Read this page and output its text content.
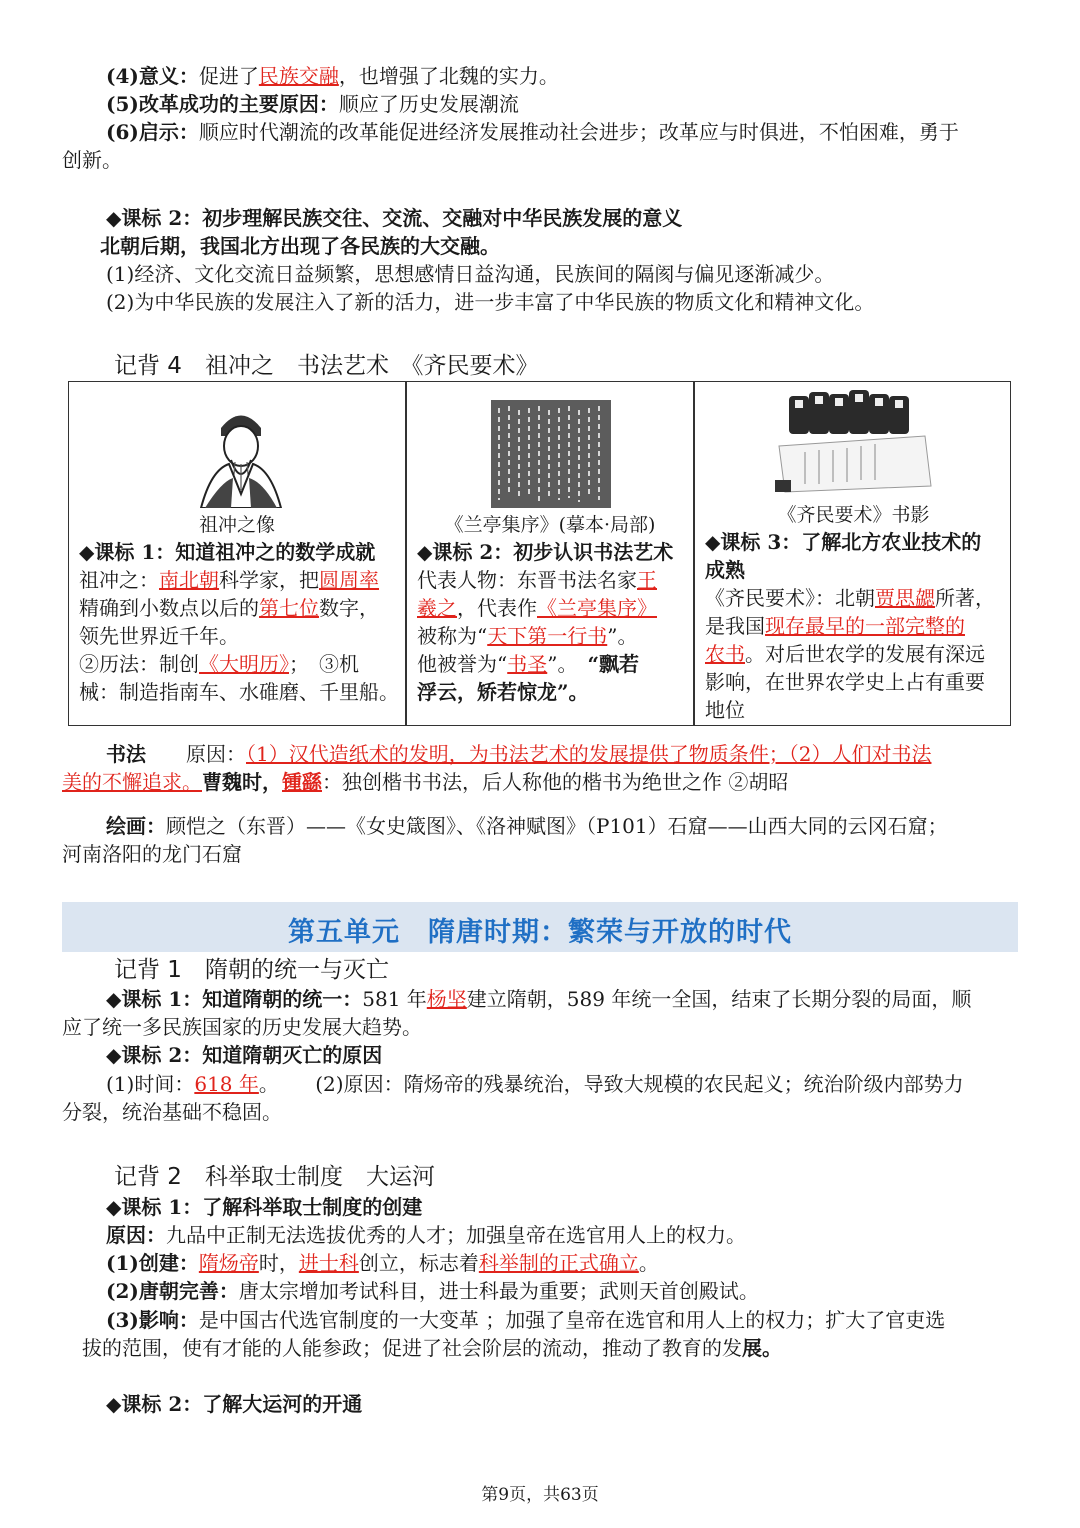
(4)意义：促进了民族交融，也增强了北魏的实力。
(5)改革成功的主要原因：顺应了历史发展潮流
(6)启示：顺应时代潮流的改革能促进经济发展推动社会进步；改革应与时俱进，不怕困难，勇于
创新。
◆课标 2：初步理解民族交往、交流、交融对中华民族发展的意义
北朝后期，我国北方出现了各民族的大交融。
(1)经济、文化交流日益频繁，思想感情日益沟通，民族间的隔阂与偏见逐渐减少。
(2)为中华民族的发展注入了新的活力，进一步丰富了中华民族的物质文化和精神文化。
记背 4　祖冲之　书法艺术　《齐民要术》
祖冲之像
◆课标 1：知道祖冲之的数学成就
祖冲之：南北朝科学家，把圆周率
精确到小数点以后的第七位数字，
领先世界近千年。
②历法：制创《大明历》；　③机
械：制造指南车、水碓磨、千里船。
《兰亭集序》(摹本·局部)
◆课标 2：初步认识书法艺术
代表人物：东晋书法名家王
羲之，代表作《兰亭集序》
被称为“天下第一行书”。
他被誉为“书圣”。　 “飘若
浮云，矫若惊龙”。
《齐民要术》书影
◆课标 3：了解北方农业技术的
成熟
《齐民要术》：北朝贾思勰所著，
是我国现存最早的一部完整的
农书。对后世农学的发展有深远
影响，在世界农学史上占有重要
地位
书法　　 原因：（1）汉代造纸术的发明，为书法艺术的发展提供了物质条件；（2）人们对书法
美的不懈追求。曹魏时，锺繇：独创楷书书法，后人称他的楷书为绝世之作 ②胡昭
绘画：顾恺之（东晋）——《女史箴图》、《洛神赋图》（P101）石窟——山西大同的云冈石窟；
河南洛阳的龙门石窟
第五单元　隋唐时期：繁荣与开放的时代
记背 1　隋朝的统一与灭亡
◆课标 1：知道隋朝的统一：581 年杨坚建立隋朝，589 年统一全国，结束了长期分裂的局面，顺
应了统一多民族国家的历史发展大趋势。
◆课标 2：知道隋朝灭亡的原因
(1)时间：618 年。　　 (2)原因：隋炀帝的残暴统治，导致大规模的农民起义；统治阶级内部势力
分裂，统治基础不稳固。
记背 2　科举取士制度　大运河
◆课标 1：了解科举取士制度的创建
原因：九品中正制无法选拔优秀的人才；加强皇帝在选官用人上的权力。
(1)创建：隋炀帝时，进士科创立，标志着科举制的正式确立。
(2)唐朝完善：唐太宗增加考试科目，进士科最为重要；武则天首创殿试。
(3)影响：是中国古代选官制度的一大变革 ；加强了皇帝在选官和用人上的权力；扩大了官吏选
拔的范围，使有才能的人能参政；促进了社会阶层的流动，推动了教育的发展。
◆课标 2：了解大运河的开通
第9页，共63页
